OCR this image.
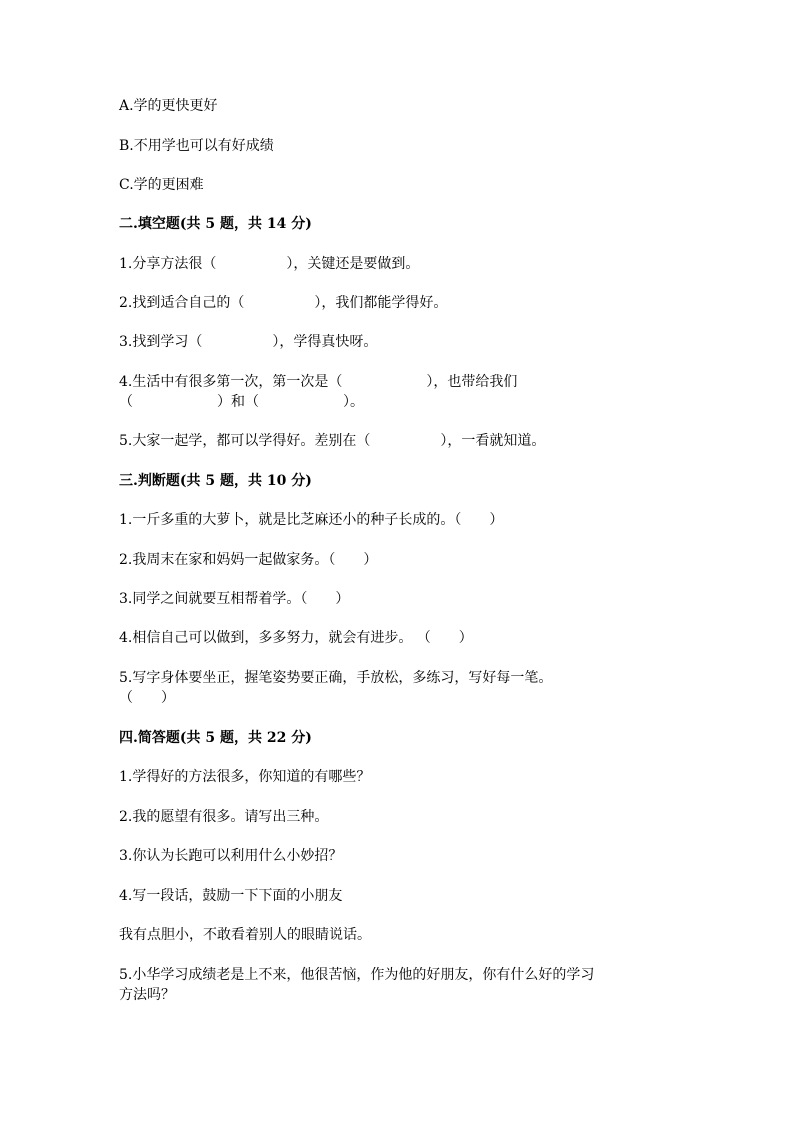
A.学的更快更好
B.不用学也可以有好成绩
C.学的更困难
二.填空题(共 5 题，共 14 分)
1.分享方法很（　　　　　），关键还是要做到。
2.找到适合自己的（　　　　　），我们都能学得好。
3.找到学习（　　　　　），学得真快呀。
4.生活中有很多第一次，第一次是（　　　　　　），也带给我们
（　　　　　　）和（　　　　　　）。
5.大家一起学，都可以学得好。差别在（　　　　　），一看就知道。
三.判断题(共 5 题，共 10 分)
1.一斤多重的大萝卜，就是比芝麻还小的种子长成的。（　　）
2.我周末在家和妈妈一起做家务。（　　）
3.同学之间就要互相帮着学。（　　）
4.相信自己可以做到，多多努力，就会有进步。 （　　）
5.写字身体要坐正，握笔姿势要正确，手放松，多练习，写好每一笔。
（　　）
四.简答题(共 5 题，共 22 分)
1.学得好的方法很多，你知道的有哪些？
2.我的愿望有很多。请写出三种。
3.你认为长跑可以利用什么小妙招？
4.写一段话，鼓励一下下面的小朋友
我有点胆小，不敢看着别人的眼睛说话。
5.小华学习成绩老是上不来，他很苦恼，作为他的好朋友，你有什么好的学习
方法吗？
